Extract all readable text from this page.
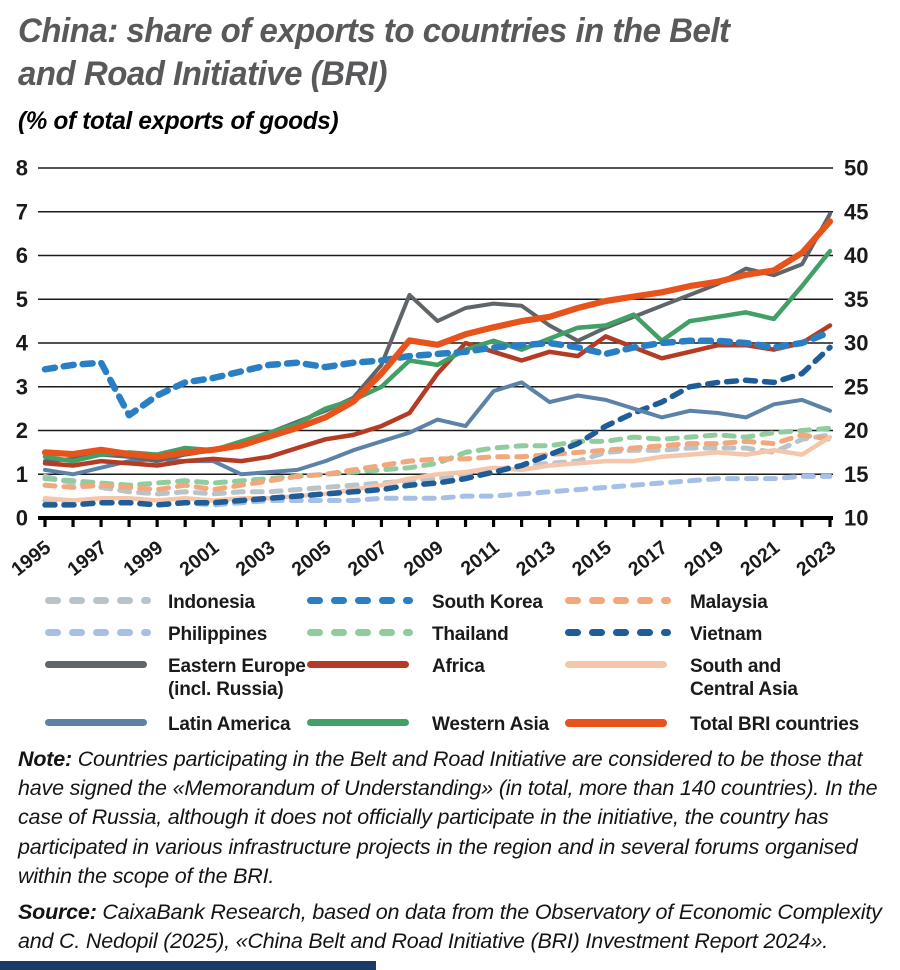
China: share of exports to countries in the Belt
and Road Initiative (BRI)
(% of total exports of goods)
8
7
6
5
4
3
2
1
0
50
45
40
35
30
25
20
15
10
1995 1997 1999 2001 2003 2005 2007 2009 2011 2013 2015 2017 2019 2021 2023
Indonesia	South Korea	Malaysia
Philippines	Thailand	Vietnam
Eastern Europe
(incl. Russia)
Africa	South and
Central Asia
Latin America	Western Asia	Total BRI countries
Note: Countries participating in the Belt and Road Initiative are considered to be those that have signed the «Memorandum of Understanding» (in total, more than 140 countries). In the case of Russia, although it does not officially participate in the initiative, the country has participated in various infrastructure projects in the region and in several forums organised within the scope of the BRI.
Source: CaixaBank Research, based on data from the Observatory of Economic Complexity and C. Nedopil (2025), «China Belt and Road Initiative (BRI) Investment Report 2024».
